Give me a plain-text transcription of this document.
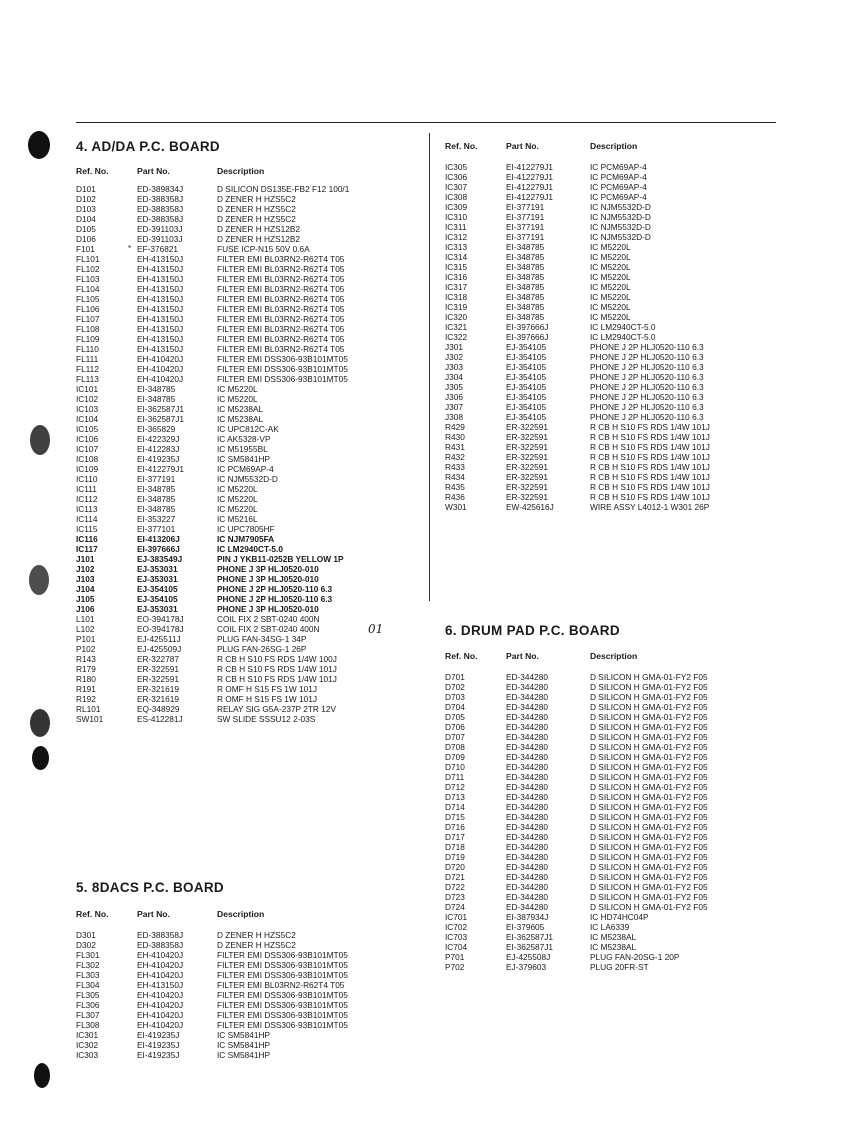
4. AD/DA P.C. BOARD
Ref. No.	Part No.	Description
D101	ED-389834J	D SILICON DS135E-FB2 F12 100/1
D102	ED-388358J	D ZENER H HZS5C2
D103	ED-388358J	D ZENER H HZS5C2
D104	ED-388358J	D ZENER H HZS5C2
D105	ED-391103J	D ZENER H HZS12B2
D106	ED-391103J	D ZENER H HZS12B2
F101	EF-376821	FUSE ICP-N15 50V 0.6A
*
FL101	EH-413150J	FILTER EMI BL03RN2-R62T4 T05
FL102	EH-413150J	FILTER EMI BL03RN2-R62T4 T05
FL103	EH-413150J	FILTER EMI BL03RN2-R62T4 T05
FL104	EH-413150J	FILTER EMI BL03RN2-R62T4 T05
FL105	EH-413150J	FILTER EMI BL03RN2-R62T4 T05
FL106	EH-413150J	FILTER EMI BL03RN2-R62T4 T05
FL107	EH-413150J	FILTER EMI BL03RN2-R62T4 T05
FL108	EH-413150J	FILTER EMI BL03RN2-R62T4 T05
FL109	EH-413150J	FILTER EMI BL03RN2-R62T4 T05
FL110	EH-413150J	FILTER EMI BL03RN2-R62T4 T05
FL111	EH-410420J	FILTER EMI DSS306-93B101MT05
FL112	EH-410420J	FILTER EMI DSS306-93B101MT05
FL113	EH-410420J	FILTER EMI DSS306-93B101MT05
IC101	EI-348785	IC M5220L
IC102	EI-348785	IC M5220L
IC103	EI-362587J1	IC M5238AL
IC104	EI-362587J1	IC M5238AL
IC105	EI-365829	IC UPC812C-AK
IC106	EI-422329J	IC AK5328-VP
IC107	EI-412283J	IC M51955BL
IC108	EI-419235J	IC SM5841HP
IC109	EI-412279J1	IC PCM69AP-4
IC110	EI-377191	IC NJM5532D-D
IC111	EI-348785	IC M5220L
IC112	EI-348785	IC M5220L
IC113	EI-348785	IC M5220L
IC114	EI-353227	IC M5216L
IC115	EI-377101	IC UPC7805HF
IC116	EI-413206J	IC NJM7905FA
IC117	EI-397666J	IC LM2940CT-5.0
J101	EJ-383549J	PIN J YKB11-0252B YELLOW 1P
J102	EJ-353031	PHONE J 3P HLJ0520-010
J103	EJ-353031	PHONE J 3P HLJ0520-010
J104	EJ-354105	PHONE J 2P HLJ0520-110 6.3
J105	EJ-354105	PHONE J 2P HLJ0520-110 6.3
J106	EJ-353031	PHONE J 3P HLJ0520-010
L101	EO-394178J	COIL FIX 2 SBT-0240 400N
L102	EO-394178J	COIL FIX 2 SBT-0240 400N
P101	EJ-425511J	PLUG FAN-34SG-1 34P
P102	EJ-425509J	PLUG FAN-26SG-1 26P
R143	ER-322787	R CB H S10 FS RDS 1/4W 100J
R179	ER-322591	R CB H S10 FS RDS 1/4W 101J
R180	ER-322591	R CB H S10 FS RDS 1/4W 101J
R191	ER-321619	R OMF H S15 FS 1W 101J
R192	ER-321619	R OMF H S15 FS 1W 101J
RL101	EQ-348929	RELAY SIG G5A-237P 2TR 12V
SW101	ES-412281J	SW SLIDE SSSU12 2-03S
5. 8DACS P.C. BOARD
Ref. No.	Part No.	Description
D301	ED-388358J	D ZENER H HZS5C2
D302	ED-388358J	D ZENER H HZS5C2
FL301	EH-410420J	FILTER EMI DSS306-93B101MT05
FL302	EH-410420J	FILTER EMI DSS306-93B101MT05
FL303	EH-410420J	FILTER EMI DSS306-93B101MT05
FL304	EH-413150J	FILTER EMI BL03RN2-R62T4 T05
FL305	EH-410420J	FILTER EMI DSS306-93B101MT05
FL306	EH-410420J	FILTER EMI DSS306-93B101MT05
FL307	EH-410420J	FILTER EMI DSS306-93B101MT05
FL308	EH-410420J	FILTER EMI DSS306-93B101MT05
IC301	EI-419235J	IC SM5841HP
IC302	EI-419235J	IC SM5841HP
IC303	EI-419235J	IC SM5841HP
Ref. No.	Part No.	Description
IC305	EI-412279J1	IC PCM69AP-4
IC306	EI-412279J1	IC PCM69AP-4
IC307	EI-412279J1	IC PCM69AP-4
IC308	EI-412279J1	IC PCM69AP-4
IC309	EI-377191	IC NJM5532D-D
IC310	EI-377191	IC NJM5532D-D
IC311	EI-377191	IC NJM5532D-D
IC312	EI-377191	IC NJM5532D-D
IC313	EI-348785	IC M5220L
IC314	EI-348785	IC M5220L
IC315	EI-348785	IC M5220L
IC316	EI-348785	IC M5220L
IC317	EI-348785	IC M5220L
IC318	EI-348785	IC M5220L
IC319	EI-348785	IC M5220L
IC320	EI-348785	IC M5220L
IC321	EI-397666J	IC LM2940CT-5.0
IC322	EI-397666J	IC LM2940CT-5.0
J301	EJ-354105	PHONE J 2P HLJ0520-110 6.3
J302	EJ-354105	PHONE J 2P HLJ0520-110 6.3
J303	EJ-354105	PHONE J 2P HLJ0520-110 6.3
J304	EJ-354105	PHONE J 2P HLJ0520-110 6.3
J305	EJ-354105	PHONE J 2P HLJ0520-110 6.3
J306	EJ-354105	PHONE J 2P HLJ0520-110 6.3
J307	EJ-354105	PHONE J 2P HLJ0520-110 6.3
J308	EJ-354105	PHONE J 2P HLJ0520-110 6.3
R429	ER-322591	R CB H S10 FS RDS 1/4W 101J
R430	ER-322591	R CB H S10 FS RDS 1/4W 101J
R431	ER-322591	R CB H S10 FS RDS 1/4W 101J
R432	ER-322591	R CB H S10 FS RDS 1/4W 101J
R433	ER-322591	R CB H S10 FS RDS 1/4W 101J
R434	ER-322591	R CB H S10 FS RDS 1/4W 101J
R435	ER-322591	R CB H S10 FS RDS 1/4W 101J
R436	ER-322591	R CB H S10 FS RDS 1/4W 101J
W301	EW-425616J	WIRE ASSY L4012-1 W301 26P
6. DRUM PAD P.C. BOARD
Ref. No.	Part No.	Description
D701	ED-344280	D SILICON H GMA-01-FY2 F05
D702	ED-344280	D SILICON H GMA-01-FY2 F05
D703	ED-344280	D SILICON H GMA-01-FY2 F05
D704	ED-344280	D SILICON H GMA-01-FY2 F05
D705	ED-344280	D SILICON H GMA-01-FY2 F05
D706	ED-344280	D SILICON H GMA-01-FY2 F05
D707	ED-344280	D SILICON H GMA-01-FY2 F05
D708	ED-344280	D SILICON H GMA-01-FY2 F05
D709	ED-344280	D SILICON H GMA-01-FY2 F05
D710	ED-344280	D SILICON H GMA-01-FY2 F05
D711	ED-344280	D SILICON H GMA-01-FY2 F05
D712	ED-344280	D SILICON H GMA-01-FY2 F05
D713	ED-344280	D SILICON H GMA-01-FY2 F05
D714	ED-344280	D SILICON H GMA-01-FY2 F05
D715	ED-344280	D SILICON H GMA-01-FY2 F05
D716	ED-344280	D SILICON H GMA-01-FY2 F05
D717	ED-344280	D SILICON H GMA-01-FY2 F05
D718	ED-344280	D SILICON H GMA-01-FY2 F05
D719	ED-344280	D SILICON H GMA-01-FY2 F05
D720	ED-344280	D SILICON H GMA-01-FY2 F05
D721	ED-344280	D SILICON H GMA-01-FY2 F05
D722	ED-344280	D SILICON H GMA-01-FY2 F05
D723	ED-344280	D SILICON H GMA-01-FY2 F05
D724	ED-344280	D SILICON H GMA-01-FY2 F05
IC701	EI-387934J	IC HD74HC04P
IC702	EI-379605	IC LA6339
IC703	EI-362587J1	IC M5238AL
IC704	EI-362587J1	IC M5238AL
P701	EJ-425508J	PLUG FAN-20SG-1 20P
P702	EJ-379603	PLUG 20FR-ST
01
